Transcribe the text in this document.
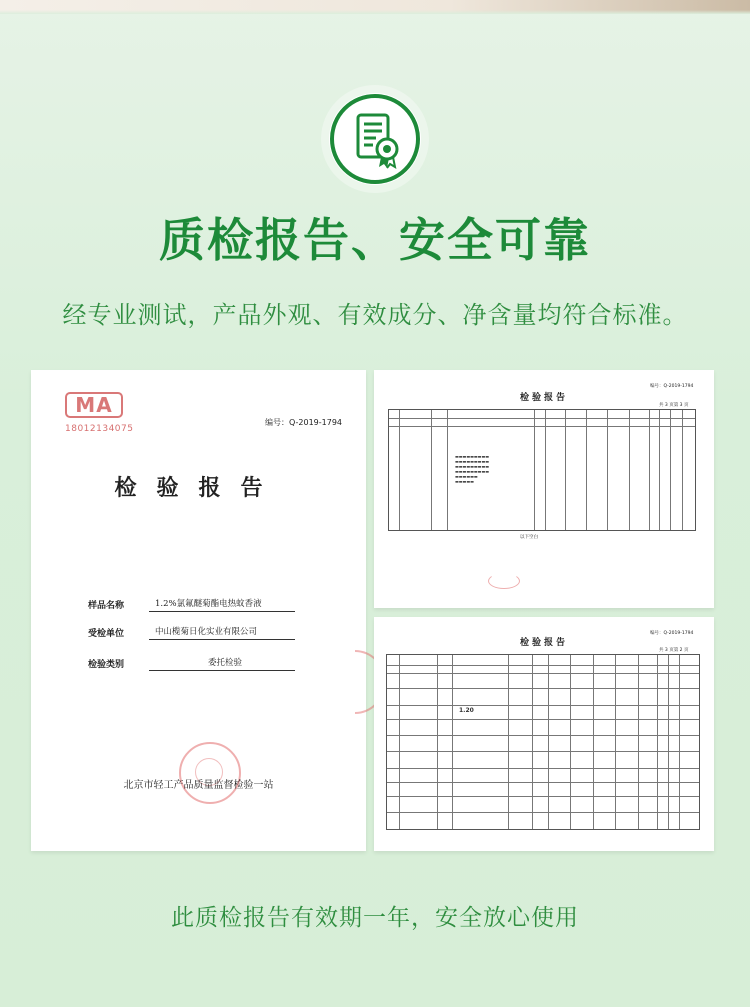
质检报告、安全可靠
经专业测试，产品外观、有效成分、净含量均符合标准。
MA
18012134075
编号：Q-2019-1794
检验报告
样品名称	1.2%氯氟醚菊酯电热蚊香液
受检单位	中山榄菊日化实业有限公司
检验类别	委托检验
北京市轻工产品质量监督检验一站
检验报告
编号：Q-2019-1794
共 3 页第 3 页
▬▬▬▬▬▬▬▬▬
▬▬▬▬▬▬▬▬▬
▬▬▬▬▬▬▬▬▬
▬▬▬▬▬▬▬▬▬
▬▬▬▬▬▬
▬▬▬▬▬
以下空白
检验报告
编号：Q-2019-1794
共 3 页第 2 页
1.20
此质检报告有效期一年，安全放心使用
